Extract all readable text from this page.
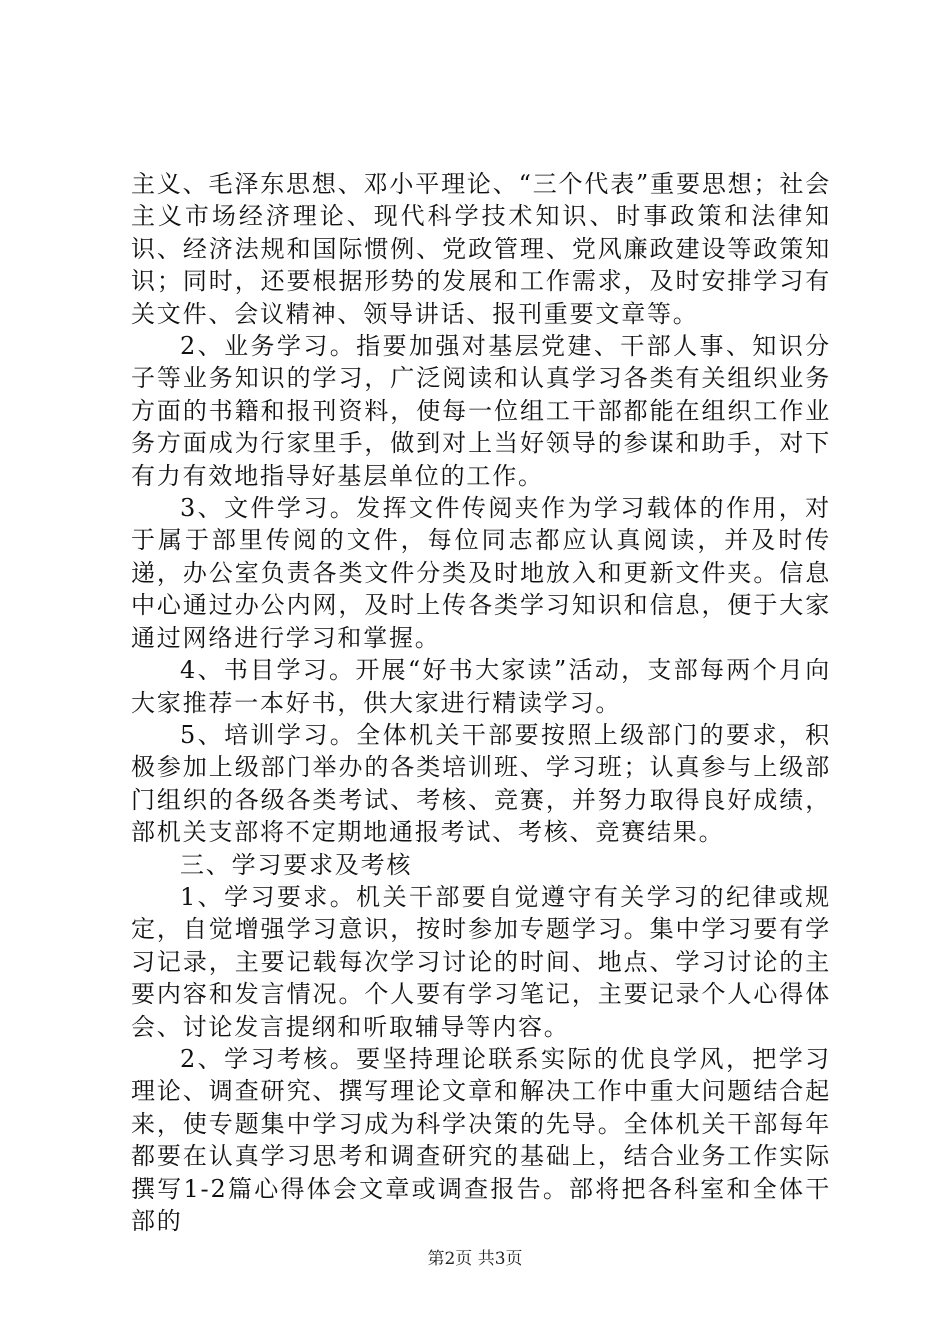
主义、毛泽东思想、邓小平理论、“三个代表”重要思想；社会主义市场经济理论、现代科学技术知识、时事政策和法律知识、经济法规和国际惯例、党政管理、党风廉政建设等政策知识；同时，还要根据形势的发展和工作需求，及时安排学习有关文件、会议精神、领导讲话、报刊重要文章等。

2、业务学习。指要加强对基层党建、干部人事、知识分子等业务知识的学习，广泛阅读和认真学习各类有关组织业务方面的书籍和报刊资料，使每一位组工干部都能在组织工作业务方面成为行家里手，做到对上当好领导的参谋和助手，对下有力有效地指导好基层单位的工作。

3、文件学习。发挥文件传阅夹作为学习载体的作用，对于属于部里传阅的文件，每位同志都应认真阅读，并及时传递，办公室负责各类文件分类及时地放入和更新文件夹。信息中心通过办公内网，及时上传各类学习知识和信息，便于大家通过网络进行学习和掌握。

4、书目学习。开展“好书大家读”活动，支部每两个月向大家推荐一本好书，供大家进行精读学习。

5、培训学习。全体机关干部要按照上级部门的要求，积极参加上级部门举办的各类培训班、学习班；认真参与上级部门组织的各级各类考试、考核、竞赛，并努力取得良好成绩，部机关支部将不定期地通报考试、考核、竞赛结果。

三、学习要求及考核

1、学习要求。机关干部要自觉遵守有关学习的纪律或规定，自觉增强学习意识，按时参加专题学习。集中学习要有学习记录，主要记载每次学习讨论的时间、地点、学习讨论的主要内容和发言情况。个人要有学习笔记，主要记录个人心得体会、讨论发言提纲和听取辅导等内容。

2、学习考核。要坚持理论联系实际的优良学风，把学习理论、调查研究、撰写理论文章和解决工作中重大问题结合起来，使专题集中学习成为科学决策的先导。全体机关干部每年都要在认真学习思考和调查研究的基础上，结合业务工作实际撰写1-2篇心得体会文章或调查报告。部将把各科室和全体干部的

第2页 共3页
